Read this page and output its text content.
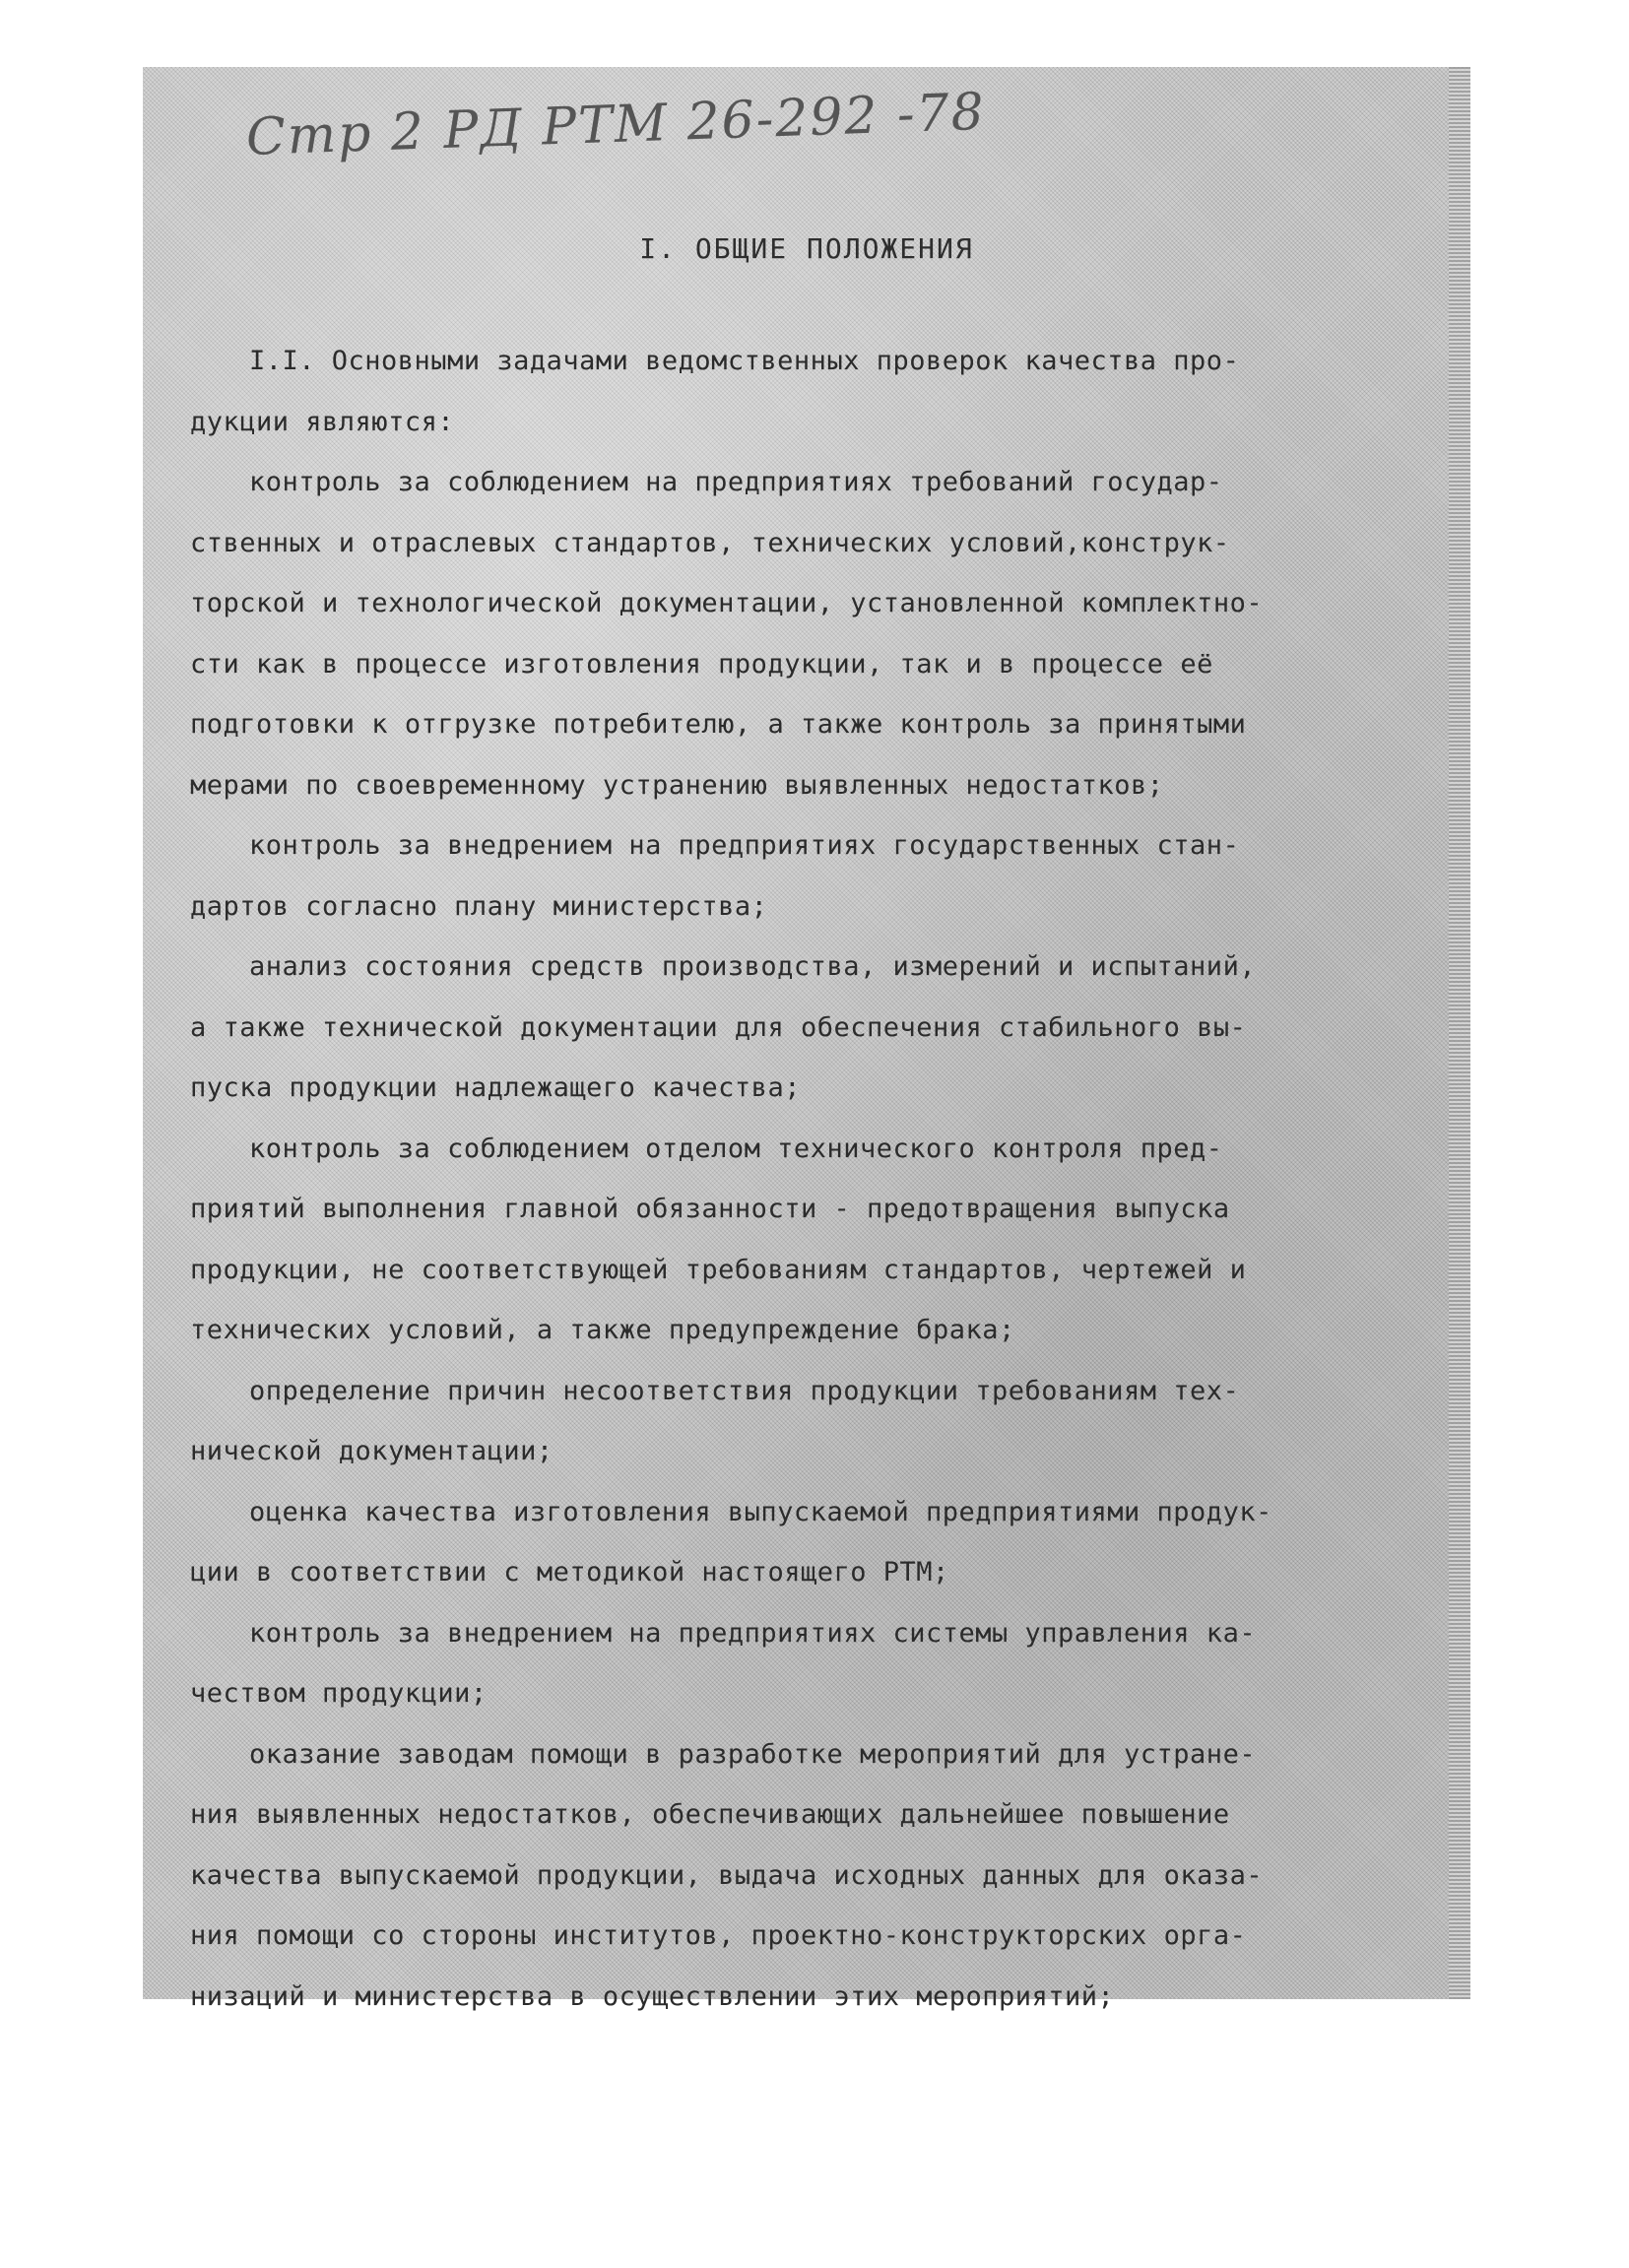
Стр 2 РД РТМ 26-292 -78
I. ОБЩИЕ ПОЛОЖЕНИЯ
I.I. Основными задачами ведомственных проверок качества про-
дукции являются:
контроль за соблюдением на предприятиях требований государ-
ственных и отраслевых стандартов, технических условий,конструк-
торской и технологической документации, установленной комплектно-
сти как в процессе изготовления продукции, так и в процессе её
подготовки к отгрузке потребителю, а также контроль за принятыми
мерами по своевременному устранению выявленных недостатков;
контроль за внедрением на предприятиях государственных стан-
дартов согласно плану министерства;
анализ состояния средств производства, измерений и испытаний,
а также технической документации для обеспечения стабильного вы-
пуска продукции надлежащего качества;
контроль за соблюдением отделом технического контроля пред-
приятий выполнения главной обязанности - предотвращения выпуска
продукции, не соответствующей требованиям стандартов, чертежей и
технических условий, а также предупреждение брака;
определение причин несоответствия продукции требованиям тех-
нической документации;
оценка качества изготовления выпускаемой предприятиями продук-
ции в соответствии с методикой настоящего РТМ;
контроль за внедрением на предприятиях системы управления ка-
чеством продукции;
оказание заводам помощи в разработке мероприятий для устране-
ния выявленных недостатков, обеспечивающих дальнейшее повышение
качества выпускаемой продукции, выдача исходных данных для оказа-
ния помощи со стороны институтов, проектно-конструкторских орга-
низаций и министерства в осуществлении этих мероприятий;
